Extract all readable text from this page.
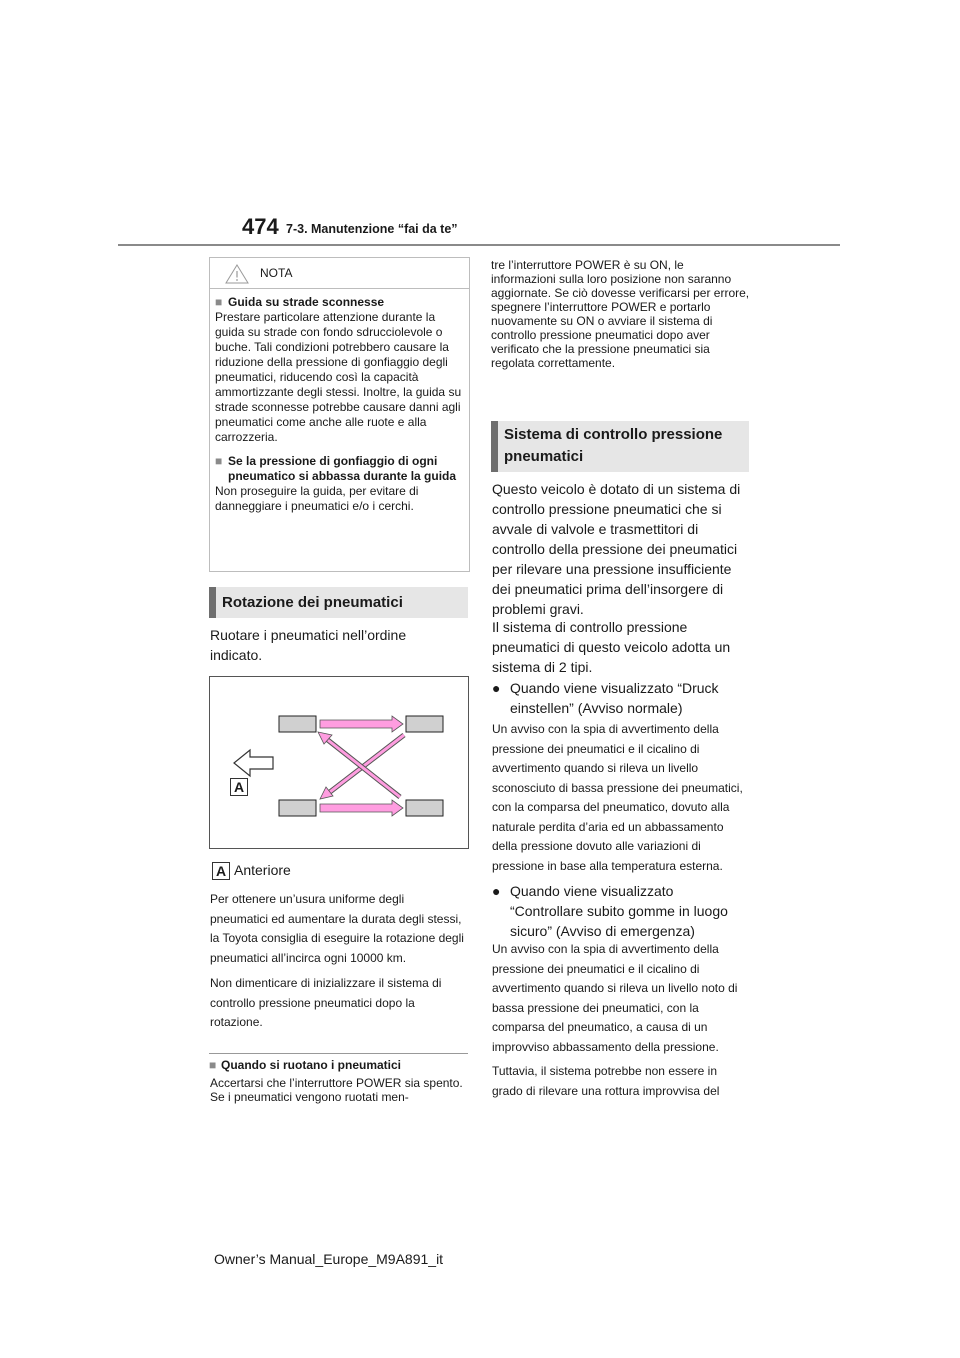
474 7-3. Manutenzione “fai da te”
NOTA
■ Guida su strade sconnesse
Prestare particolare attenzione durante la guida su strade con fondo sdrucciolevole o buche. Tali condizioni potrebbero causare la riduzione della pressione di gonfiaggio degli pneumatici, riducendo così la capacità ammortizzante degli stessi. Inoltre, la guida su strade sconnesse potrebbe causare danni agli pneumatici come anche alle ruote e alla carrozzeria.
■ Se la pressione di gonfiaggio di ogni pneumatico si abbassa durante la guida
Non proseguire la guida, per evitare di danneggiare i pneumatici e/o i cerchi.
Rotazione dei pneumatici
Ruotare i pneumatici nell’ordine indicato.
A
A Anteriore
Per ottenere un’usura uniforme degli pneumatici ed aumentare la durata degli stessi, la Toyota consiglia di eseguire la rotazione degli pneumatici all’incirca ogni 10000 km.
Non dimenticare di inizializzare il sistema di controllo pressione pneumatici dopo la rotazione.
■ Quando si ruotano i pneumatici
Accertarsi che l’interruttore POWER sia spento. Se i pneumatici vengono ruotati men-
tre l’interruttore POWER è su ON, le informazioni sulla loro posizione non saranno aggiornate. Se ciò dovesse verificarsi per errore, spegnere l’interruttore POWER e portarlo nuovamente su ON o avviare il sistema di controllo pressione pneumatici dopo aver verificato che la pressione pneumatici sia regolata correttamente.
Sistema di controllo pressione pneumatici
Questo veicolo è dotato di un sistema di controllo pressione pneumatici che si avvale di valvole e trasmettitori di controllo della pressione dei pneumatici per rilevare una pressione insufficiente dei pneumatici prima dell’insorgere di problemi gravi.
Il sistema di controllo pressione pneumatici di questo veicolo adotta un sistema di 2 tipi.
● Quando viene visualizzato “Druck einstellen” (Avviso normale)
Un avviso con la spia di avvertimento della pressione dei pneumatici e il cicalino di avvertimento quando si rileva un livello sconosciuto di bassa pressione dei pneumatici, con la comparsa del pneumatico, dovuto alla naturale perdita d’aria ed un abbassamento della pressione dovuto alle variazioni di pressione in base alla temperatura esterna.
● Quando viene visualizzato “Controllare subito gomme in luogo sicuro” (Avviso di emergenza)
Un avviso con la spia di avvertimento della pressione dei pneumatici e il cicalino di avvertimento quando si rileva un livello noto di bassa pressione dei pneumatici, con la comparsa del pneumatico, a causa di un improvviso abbassamento della pressione.
Tuttavia, il sistema potrebbe non essere in grado di rilevare una rottura improvvisa del
Owner’s Manual_Europe_M9A891_it
